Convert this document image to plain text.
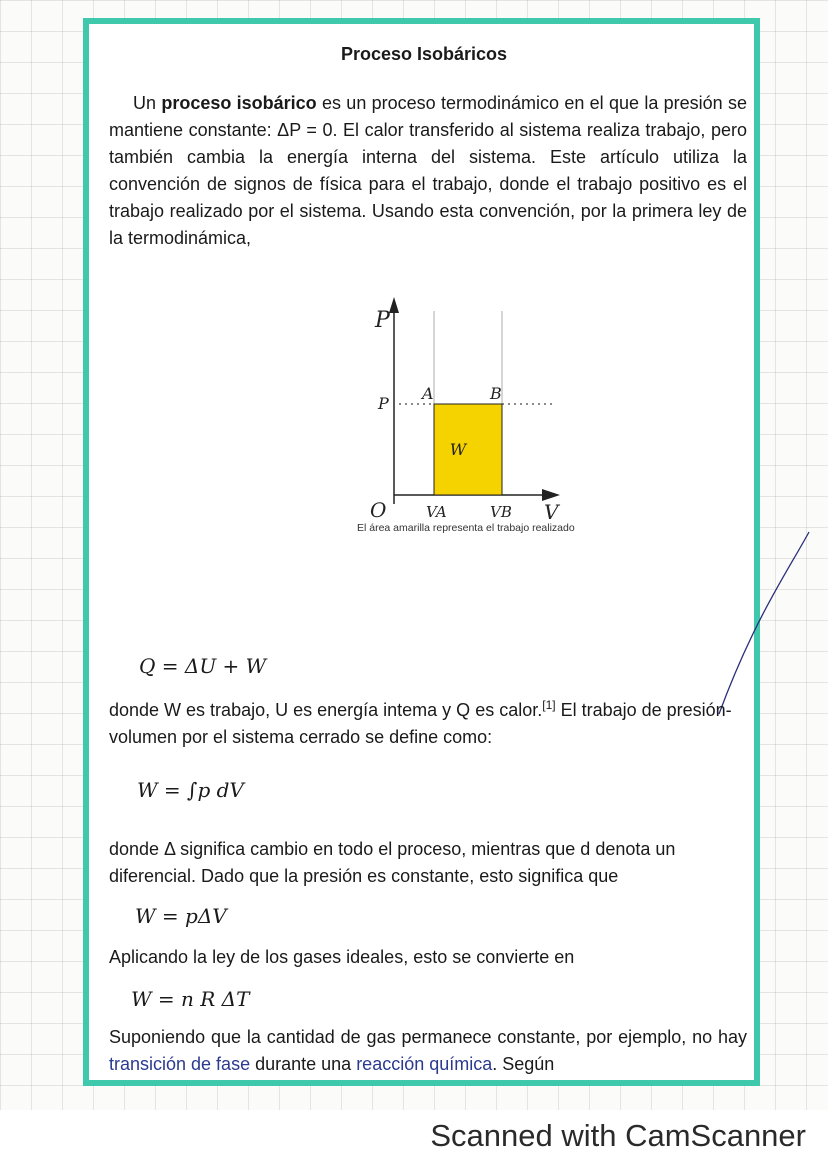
Proceso Isobáricos

Un proceso isobárico es un proceso termodinámico en el que la presión se mantiene constante: ΔP = 0. El calor transferido al sistema realiza trabajo, pero también cambia la energía interna del sistema. Este artículo utiliza la convención de signos de física para el trabajo, donde el trabajo positivo es el trabajo realizado por el sistema. Usando esta convención, por la primera ley de la termodinámica,

P
P
A	B
W
O	VA	VB V
El área amarilla representa el trabajo realizado
Q = ΔU + W

donde W es trabajo, U es energía intema y Q es calor.[1] El trabajo de presión-volumen por el sistema cerrado se define como:

W = ∫p dV

donde Δ significa cambio en todo el proceso, mientras que d denota un diferencial. Dado que la presión es constante, esto significa que

W = pΔV

Aplicando la ley de los gases ideales, esto se convierte en

W = n R ΔT

Suponiendo que la cantidad de gas permanece constante, por ejemplo, no hay transición de fase durante una reacción química. Según

Scanned with CamScanner
